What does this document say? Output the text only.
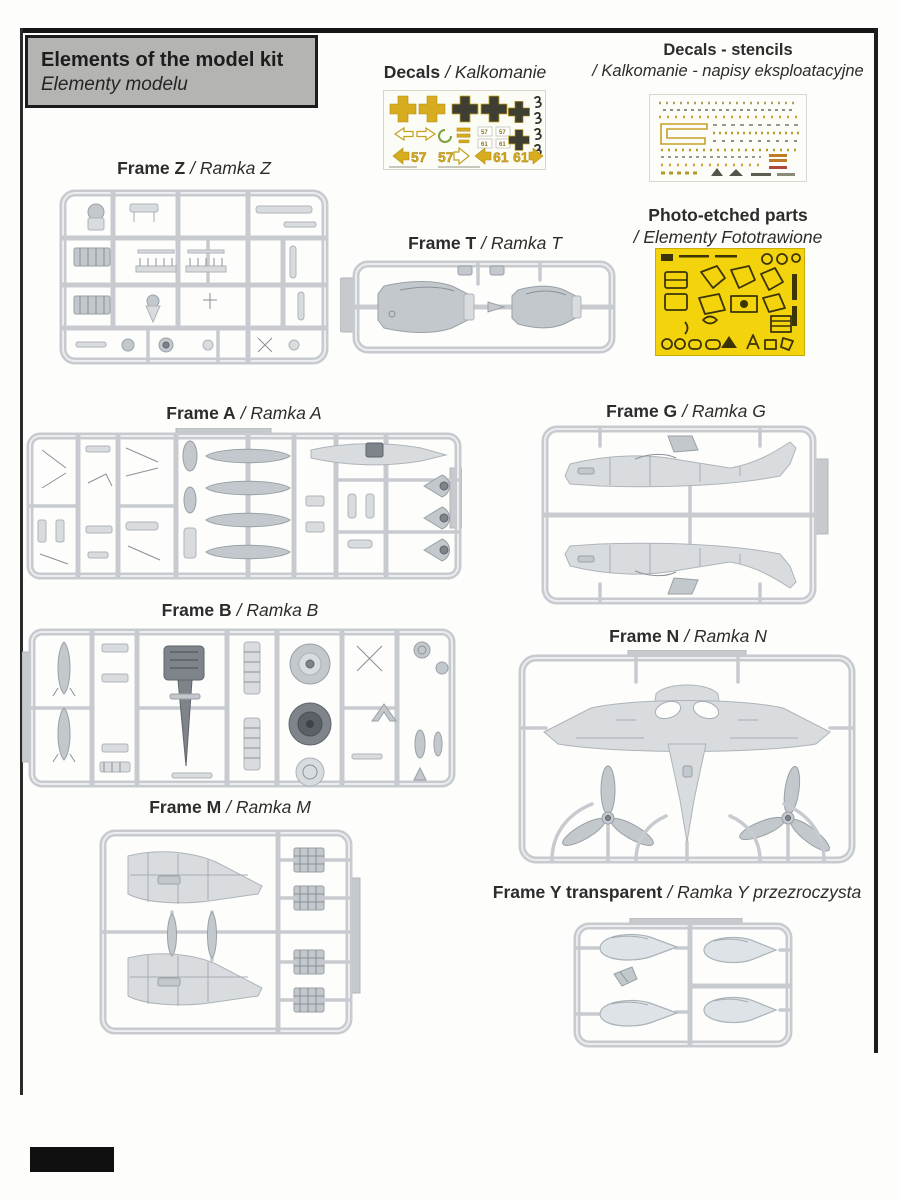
Elements of the model kit
Elementy modelu
Decals / Kalkomanie
57 57
61 61
57 57	61 61
Decals - stencils
/ Kalkomanie - napisy eksploatacyjne
Photo-etched parts
/ Elementy Fototrawione
Frame Z / Ramka Z
Frame T / Ramka T
Frame A / Ramka A	Frame G / Ramka G
Frame B / Ramka B
Frame N / Ramka N
Frame M / Ramka M
Frame Y transparent / Ramka Y przezroczysta
